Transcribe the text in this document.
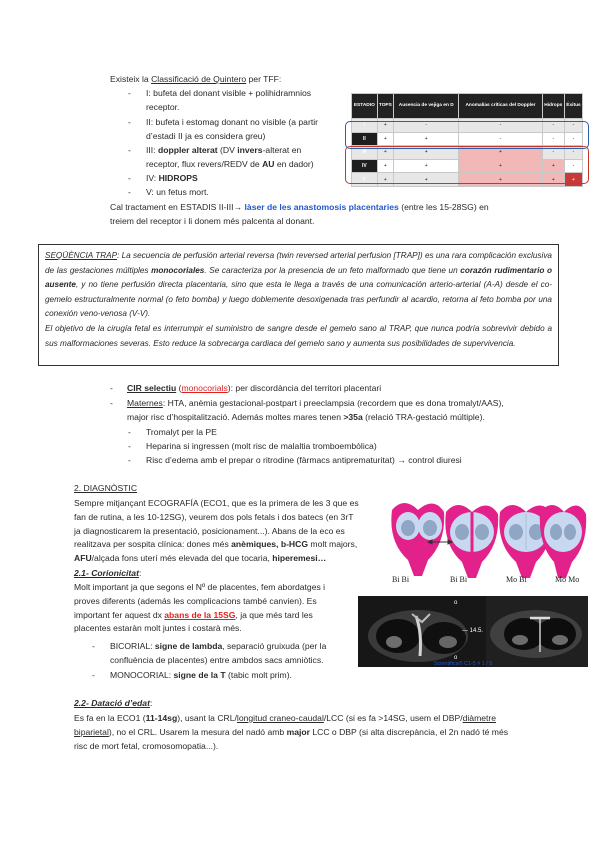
Existeix la Classificació de Quintero per TFF:
- I: bufeta del donant visible + polihidramnios
receptor.
- II: bufeta i estomag donant no visible (a partir
d’estadi II ja es considera greu)
- III: doppler alterat (DV invers-alterat en
receptor, flux revers/REDV de AU en dador)
- IV: HIDROPS
- V: un fetus mort.
Cal tractament en ESTADIS II-III→ làser de les anastomosis placentaries (entre les 15-28SG) en
treiem del receptor i li donem més palcenta al donant.
ESTADIO	TOPS	Ausencia de vejiga en D	Anomalías críticas del Doppler	Hidrops	Éxitus
I	+	-	-	-	-
II	+	+	-	-	-
III	+	+	+	-	-
IV	+	+	+	+	-
V	+	+	+	+	+
SEQÜÈNCIA TRAP: La secuencia de perfusión arterial reversa (twin reversed arterial perfusion [TRAP]) es una rara complicación exclusiva de las gestaciones múltiples monocoriales. Se caracteriza por la presencia de un feto malformado que tiene un corazón rudimentario o ausente, y no tiene perfusión directa placentaria, sino que esta le llega a través de una comunicación arterio-arterial (A-A) desde el co-gemelo estructuralmente normal (o feto bomba) y luego doblemente desoxigenada tras perfundir al acardio, retorna al feto bomba por una conexión veno-venosa (V-V).
El objetivo de la cirugía fetal es interrumpir el suministro de sangre desde el gemelo sano al TRAP, que nunca podría sobrevivir debido a sus malformaciones severas. Esto reduce la sobrecarga cardiaca del gemelo sano y aumenta sus posibilidades de supervivencia.
- CIR selectiu (monocorials): per discordància del territori placentari
- Maternes: HTA, anèmia gestacional-postpart i preeclampsia (recordem que es dona tromalyt/AAS),
major risc d’hospitalització. Además moltes mares tenen >35a (relació TRA-gestació múltiple).
- Tromalyt per la PE
- Heparina si ingressen (molt risc de malaltia tromboembòlica)
- Risc d’edema amb el prepar o ritrodine (fàrmacs antiprematuritat) → control diuresi
2. DIAGNÒSTIC
Sempre mitjançant ECOGRAFÍA (ECO1, que es la primera de les 3 que es
fan de rutina, a les 10-12SG), veurem dos pols fetals i dos batecs (en 3rT
ja diagnosticarem la presentació, posicionament...). Abans de la eco es
realitzava per sospita clínica: dones més anèmiques, b-HCG molt majors,
AFU/alçada fons uterí més elevada del que tocaria, hiperemesi…
2.1- Corionicitat:
Molt important ja que segons el Nº de placentes, fem abordatges i
proves diferents (además les complicacions també canvien). Es
important fer aquest dx abans de la 15SG, ja que més tard les
placentes estaràn molt juntes i costarà més.
- BICORIAL: signe de lambda, separació gruixuda (per la
confluència de placentes) entre ambdos sacs amniòtics.
- MONOCORIAL: signe de la T (tabic molt prim).
2.2- Datació d’edat:
Es fa en la ECO1 (11-14sg), usant la CRL/longitud craneo-caudal/LCC (si es fa >14SG, usem el DBP/diàmetre
biparietal), no el CRL. Usarem la mesura del nadó amb major LCC o DBP (si alta discrepància, el 2n nadó té més
risc de mort fetal, cromosomopatia...).
Bi Bi	Bi Bi	Mo Bi	Mo Mo
o
— 14.5.
o
Scientifica® C1-5 # 1 / 5
